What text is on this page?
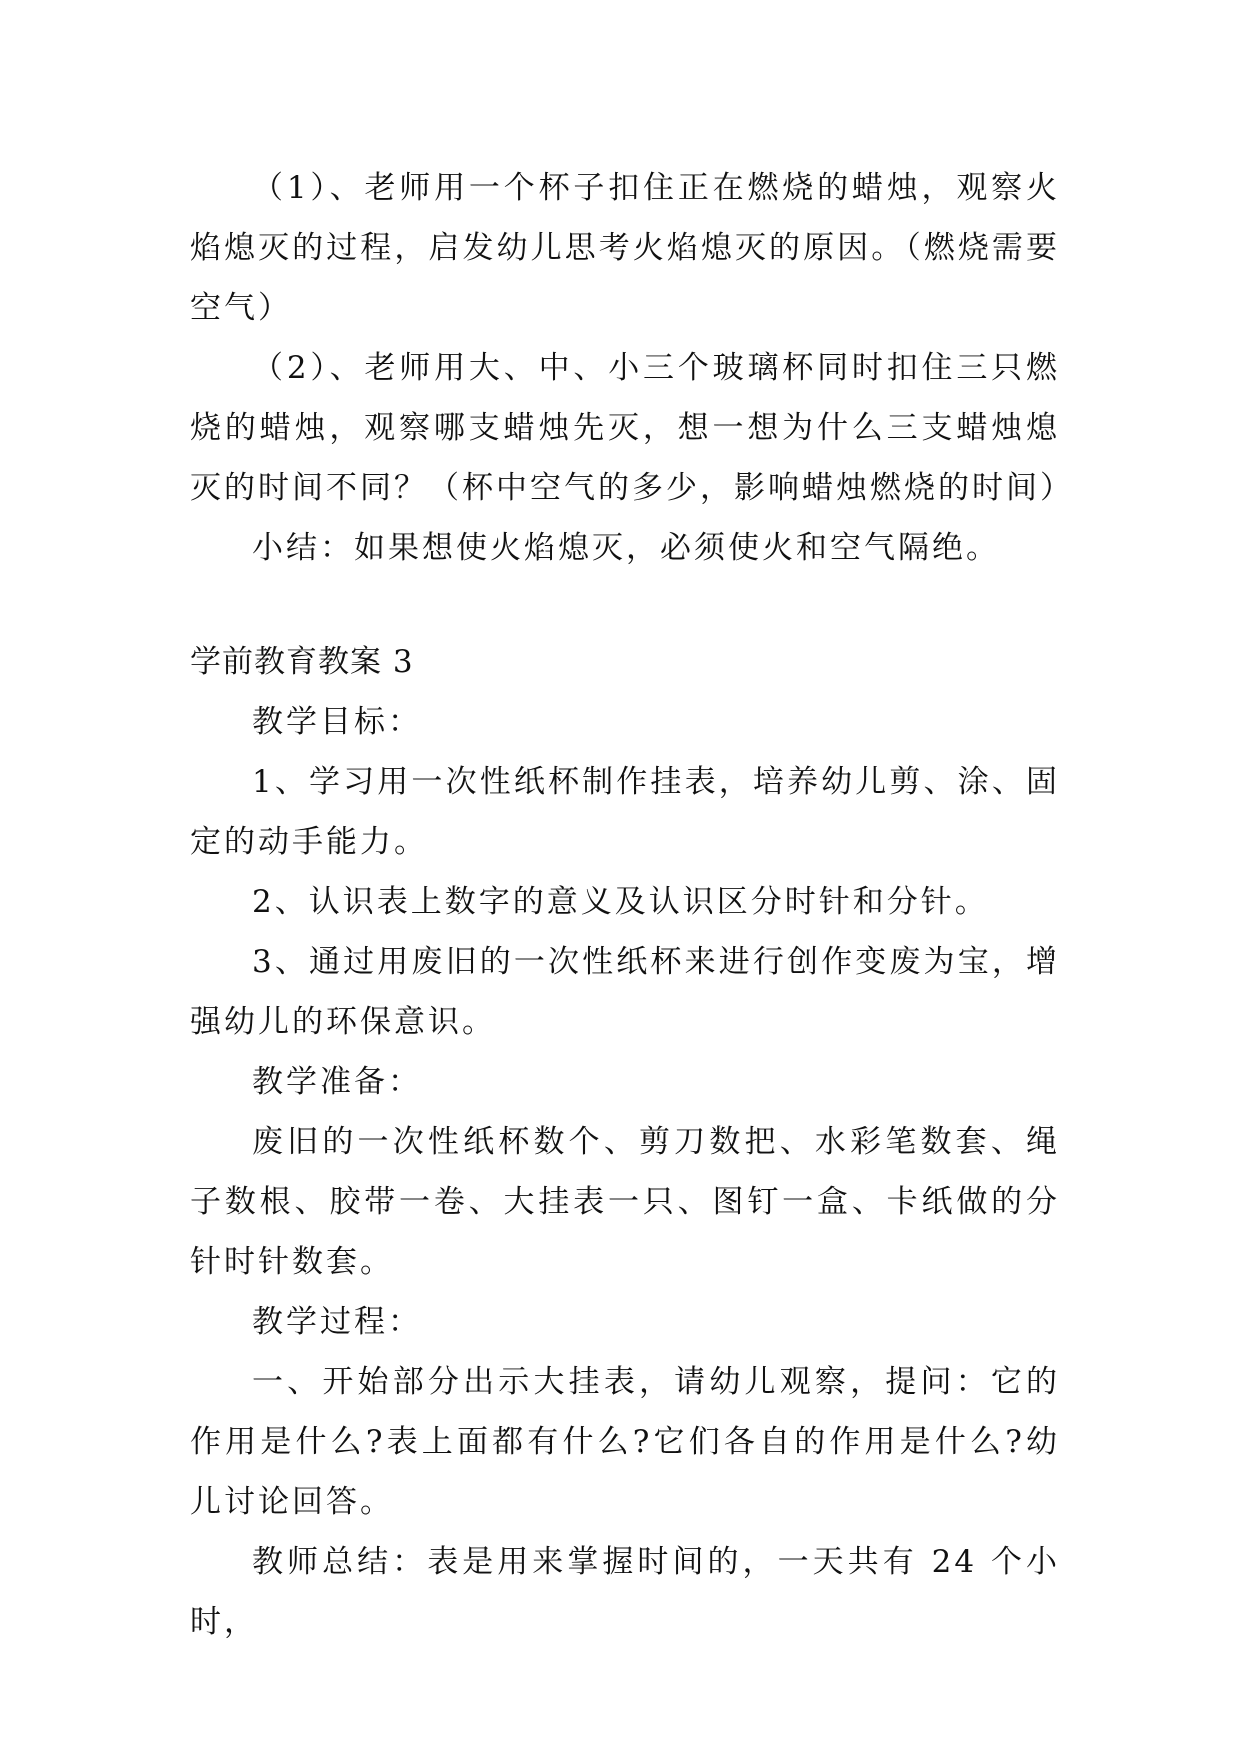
（1）、老师用一个杯子扣住正在燃烧的蜡烛，观察火焰熄灭的过程，启发幼儿思考火焰熄灭的原因。（燃烧需要空气）

（2）、老师用大、中、小三个玻璃杯同时扣住三只燃烧的蜡烛，观察哪支蜡烛先灭，想一想为什么三支蜡烛熄灭的时间不同？（杯中空气的多少，影响蜡烛燃烧的时间）

小结：如果想使火焰熄灭，必须使火和空气隔绝。

学前教育教案 3

教学目标：

1、学习用一次性纸杯制作挂表，培养幼儿剪、涂、固定的动手能力。

2、认识表上数字的意义及认识区分时针和分针。

3、通过用废旧的一次性纸杯来进行创作变废为宝，增强幼儿的环保意识。

教学准备：

废旧的一次性纸杯数个、剪刀数把、水彩笔数套、绳子数根、胶带一卷、大挂表一只、图钉一盒、卡纸做的分针时针数套。

教学过程：

一、开始部分出示大挂表，请幼儿观察，提问：它的作用是什么?表上面都有什么?它们各自的作用是什么?幼儿讨论回答。

教师总结：表是用来掌握时间的，一天共有 24 个小时，
